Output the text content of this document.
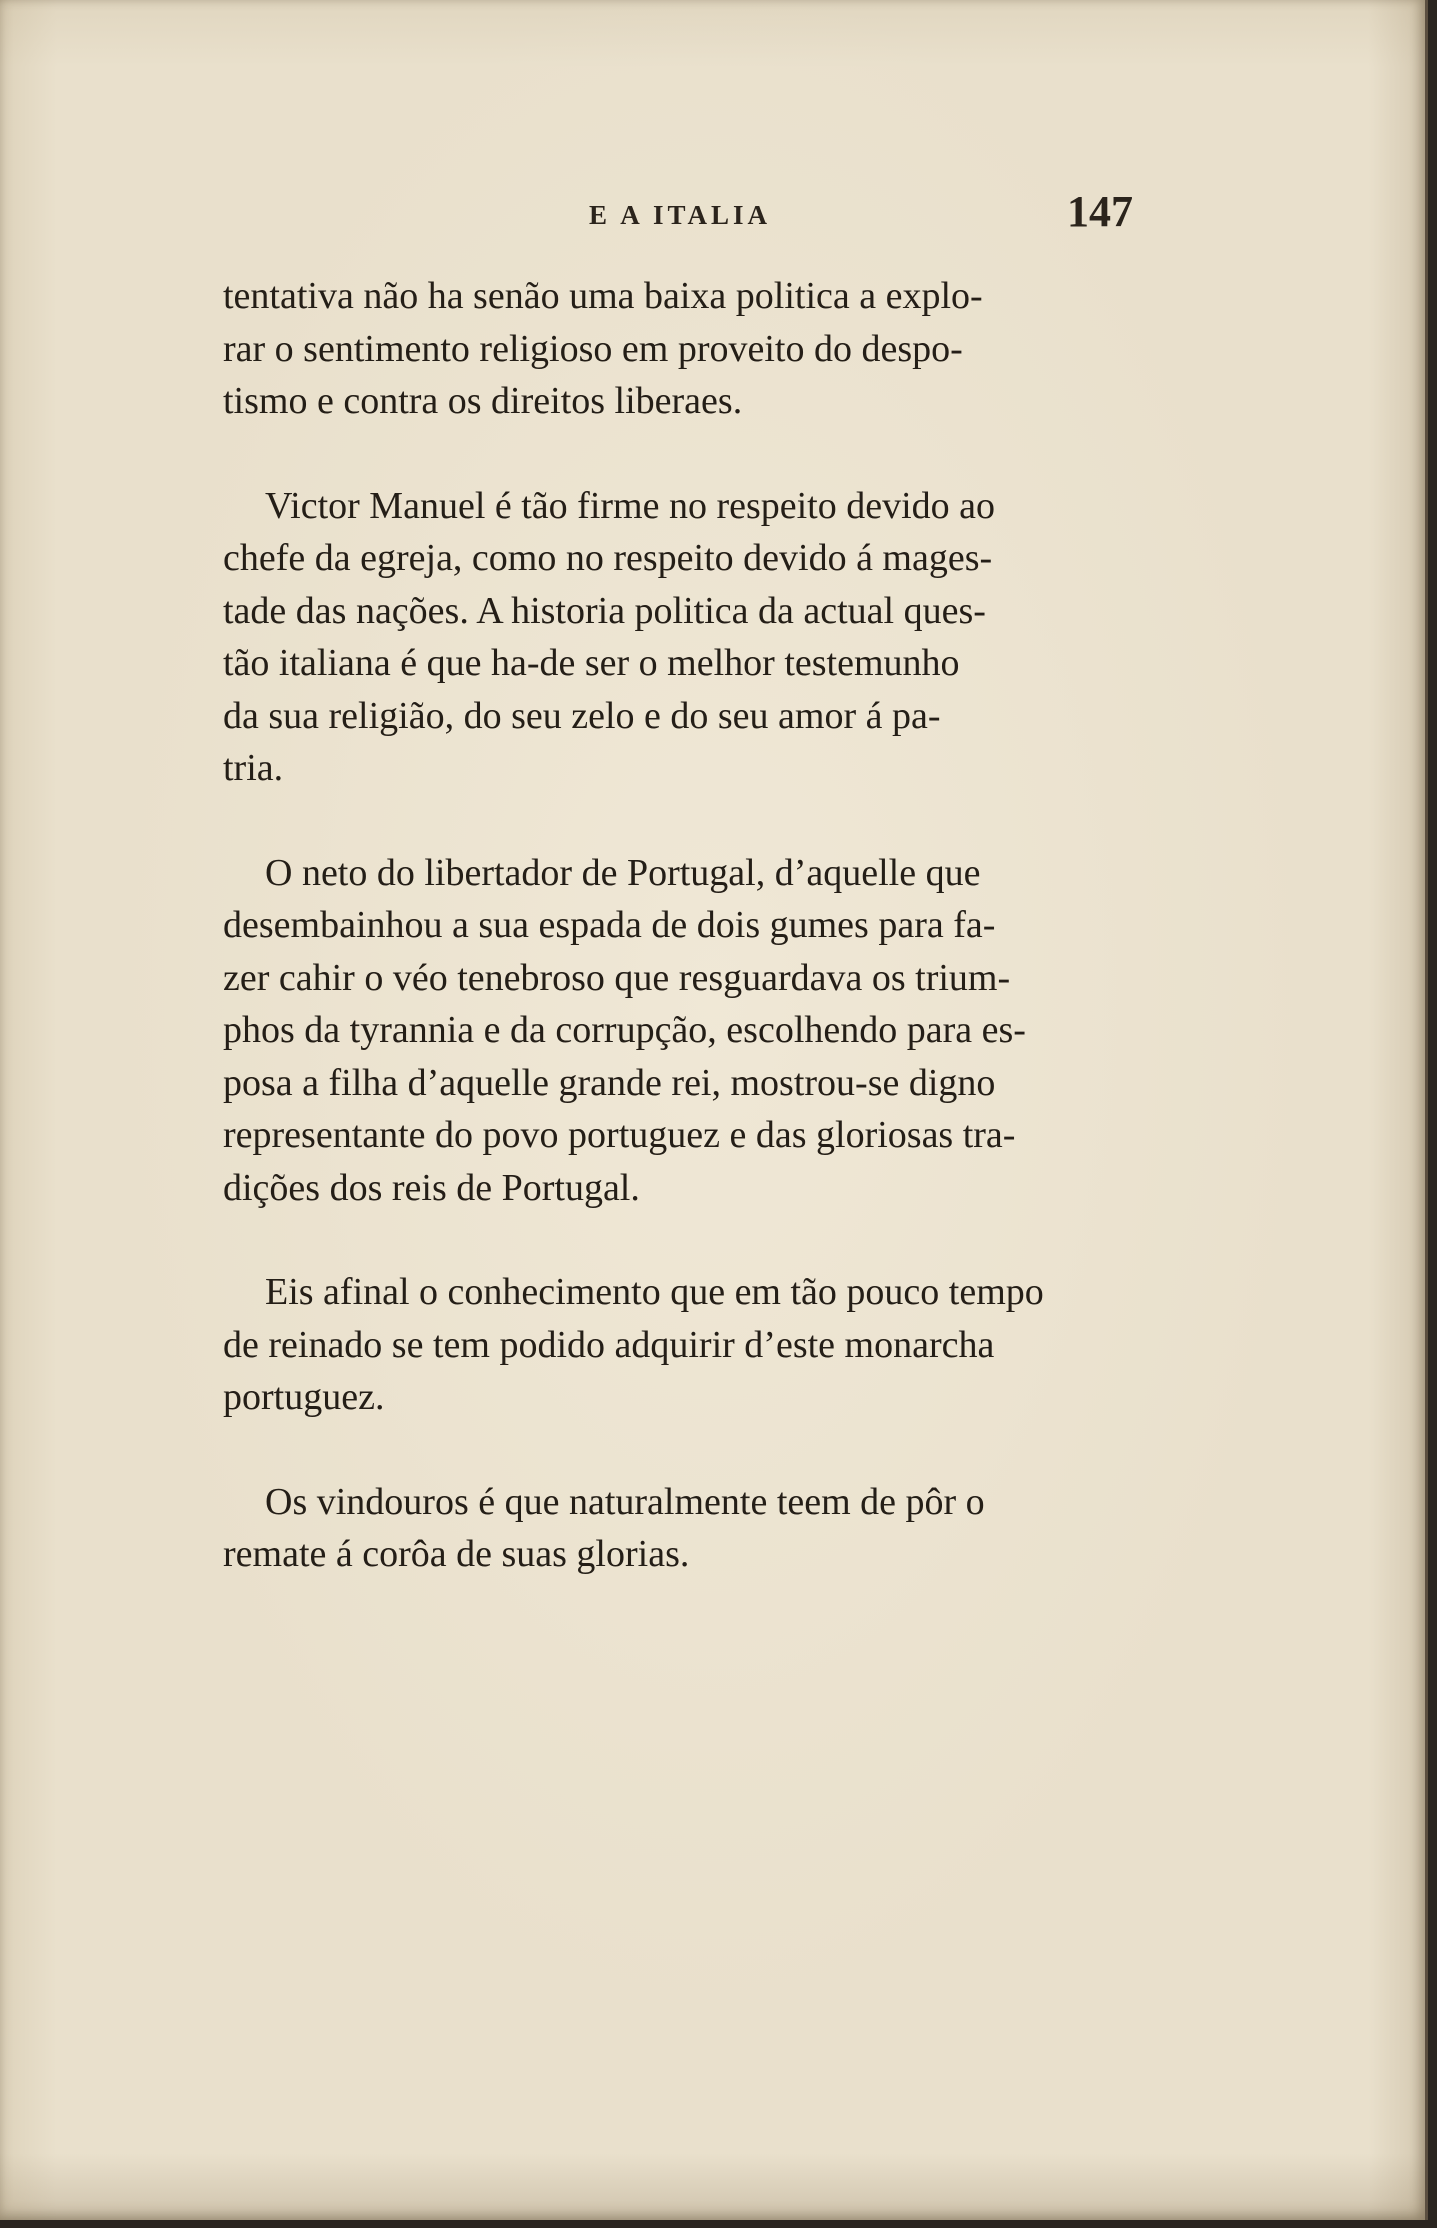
E A ITALIA	147

tentativa não ha senão uma baixa politica a explo-
rar o sentimento religioso em proveito do despo-
tismo e contra os direitos liberaes.

Victor Manuel é tão firme no respeito devido ao
chefe da egreja, como no respeito devido á mages-
tade das nações. A historia politica da actual ques-
tão italiana é que ha-de ser o melhor testemunho
da sua religião, do seu zelo e do seu amor á pa-
tria.

O neto do libertador de Portugal, d’aquelle que
desembainhou a sua espada de dois gumes para fa-
zer cahir o véo tenebroso que resguardava os trium-
phos da tyrannia e da corrupção, escolhendo para es-
posa a filha d’aquelle grande rei, mostrou-se digno
representante do povo portuguez e das gloriosas tra-
dições dos reis de Portugal.

Eis afinal o conhecimento que em tão pouco tempo
de reinado se tem podido adquirir d’este monarcha
portuguez.

Os vindouros é que naturalmente teem de pôr o
remate á corôa de suas glorias.
